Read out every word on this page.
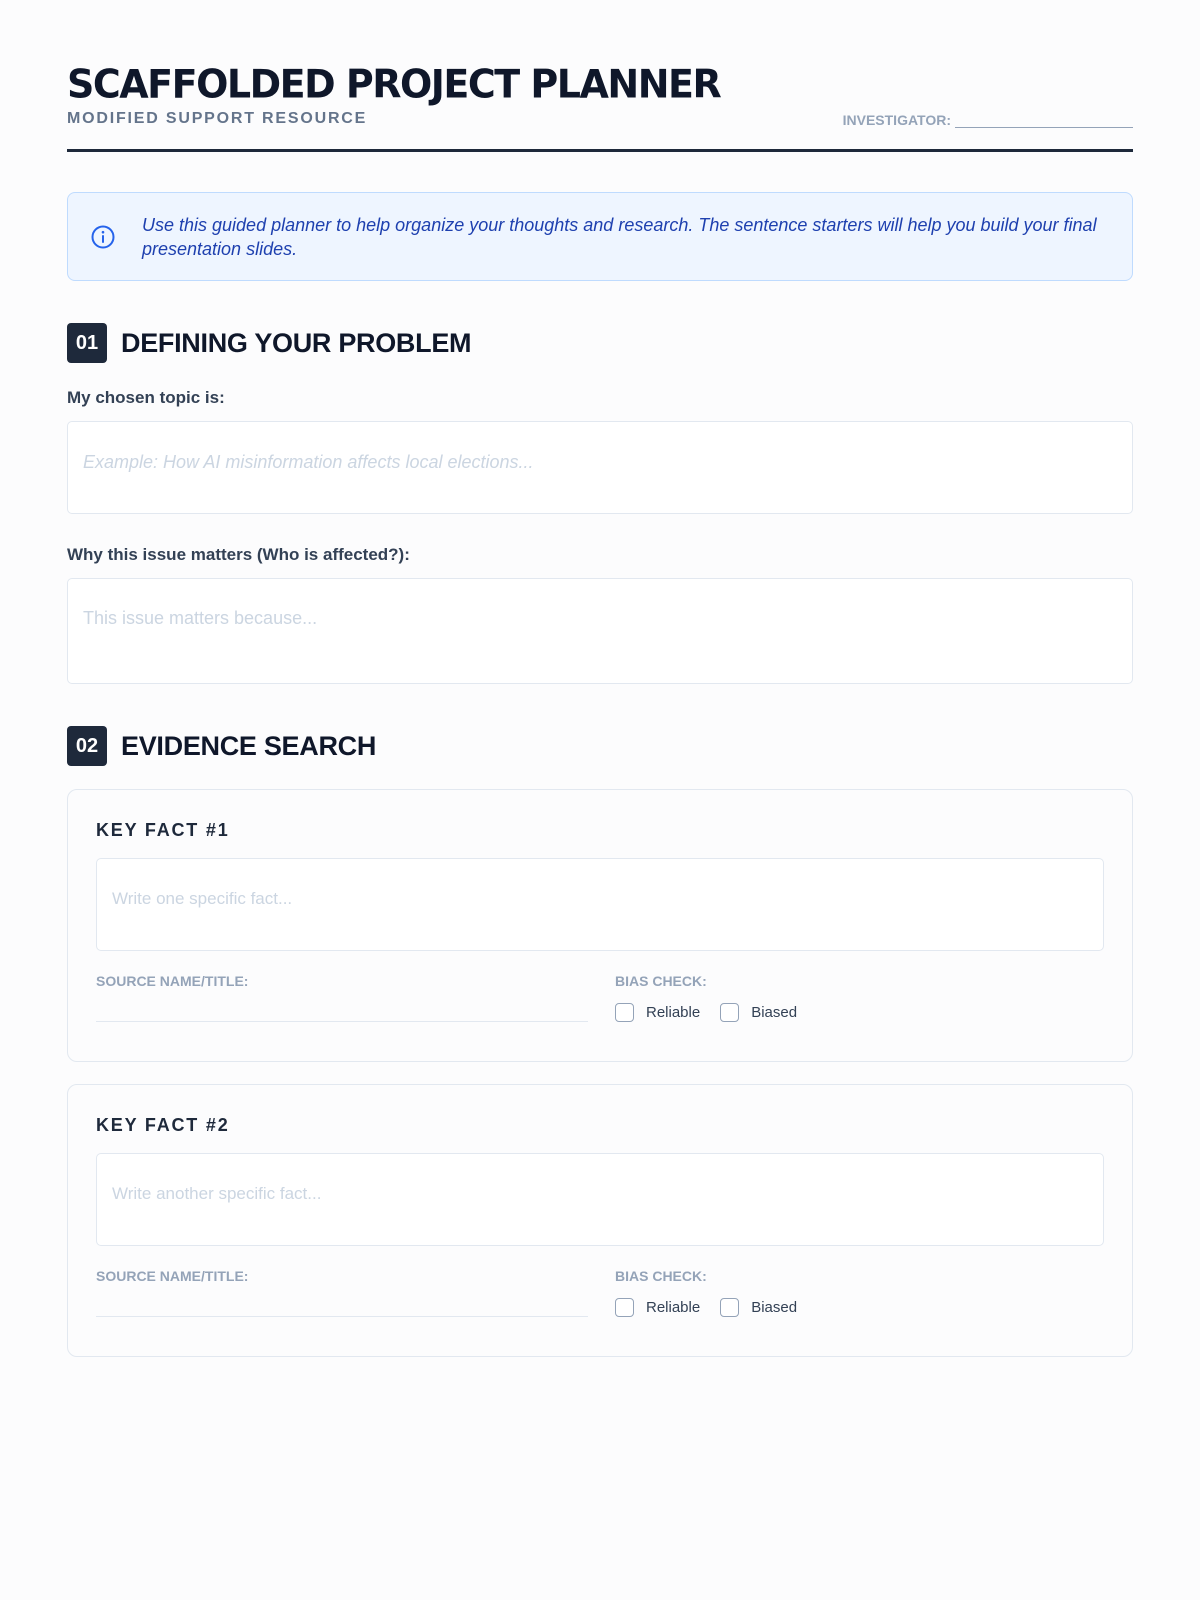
SCAFFOLDED PROJECT PLANNER
MODIFIED SUPPORT RESOURCE	INVESTIGATOR:
Use this guided planner to help organize your thoughts and research. The sentence starters will help you build your final presentation slides.
01 DEFINING YOUR PROBLEM
My chosen topic is:
Example: How AI misinformation affects local elections...
Why this issue matters (Who is affected?):
This issue matters because...
02 EVIDENCE SEARCH
KEY FACT #1
Write one specific fact...
SOURCE NAME/TITLE:	BIAS CHECK:
Reliable	Biased
KEY FACT #2
Write another specific fact...
SOURCE NAME/TITLE:	BIAS CHECK:
Reliable	Biased
